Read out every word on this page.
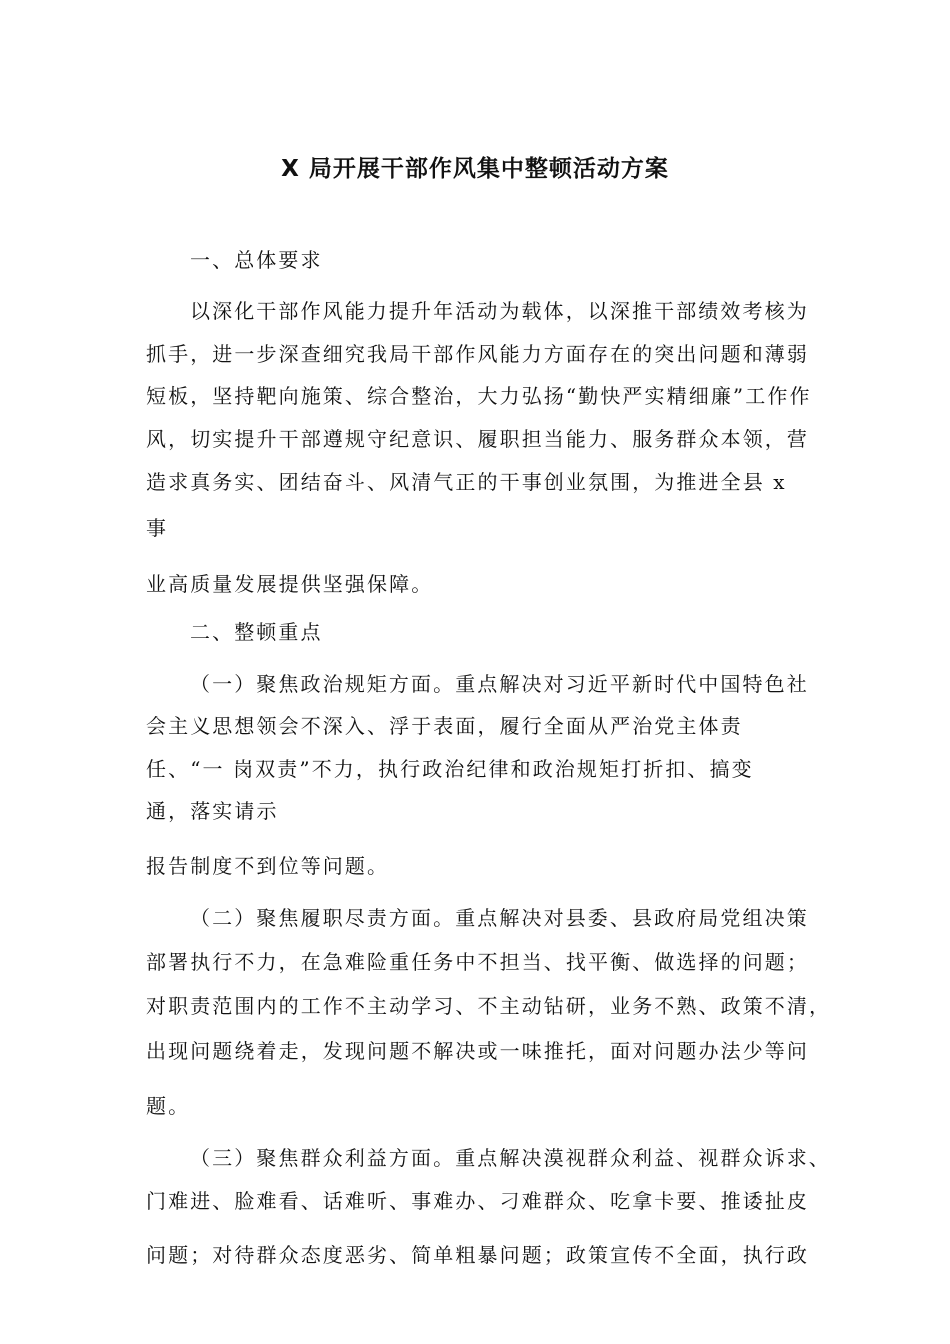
X 局开展干部作风集中整顿活动方案
一、总体要求
以深化干部作风能力提升年活动为载体，以深推干部绩效考核为
抓手，进一步深查细究我局干部作风能力方面存在的突出问题和薄弱
短板，坚持靶向施策、综合整治，大力弘扬“勤快严实精细廉”工作作
风，切实提升干部遵规守纪意识、履职担当能力、服务群众本领，营
造求真务实、团结奋斗、风清气正的干事创业氛围，为推进全县 x
事
业高质量发展提供坚强保障。
二、整顿重点
（一）聚焦政治规矩方面。重点解决对习近平新时代中国特色社
会主义思想领会不深入、浮于表面，履行全面从严治党主体责
任、“一 岗双责”不力，执行政治纪律和政治规矩打折扣、搞变
通，落实请示
报告制度不到位等问题。
（二）聚焦履职尽责方面。重点解决对县委、县政府局党组决策
部署执行不力，在急难险重任务中不担当、找平衡、做选择的问题；
对职责范围内的工作不主动学习、不主动钻研，业务不熟、政策不清，
出现问题绕着走，发现问题不解决或一味推托，面对问题办法少等问
题。
（三）聚焦群众利益方面。重点解决漠视群众利益、视群众诉求、
门难进、脸难看、话难听、事难办、刁难群众、吃拿卡要、推诿扯皮
问题；对待群众态度恶劣、简单粗暴问题；政策宣传不全面，执行政
